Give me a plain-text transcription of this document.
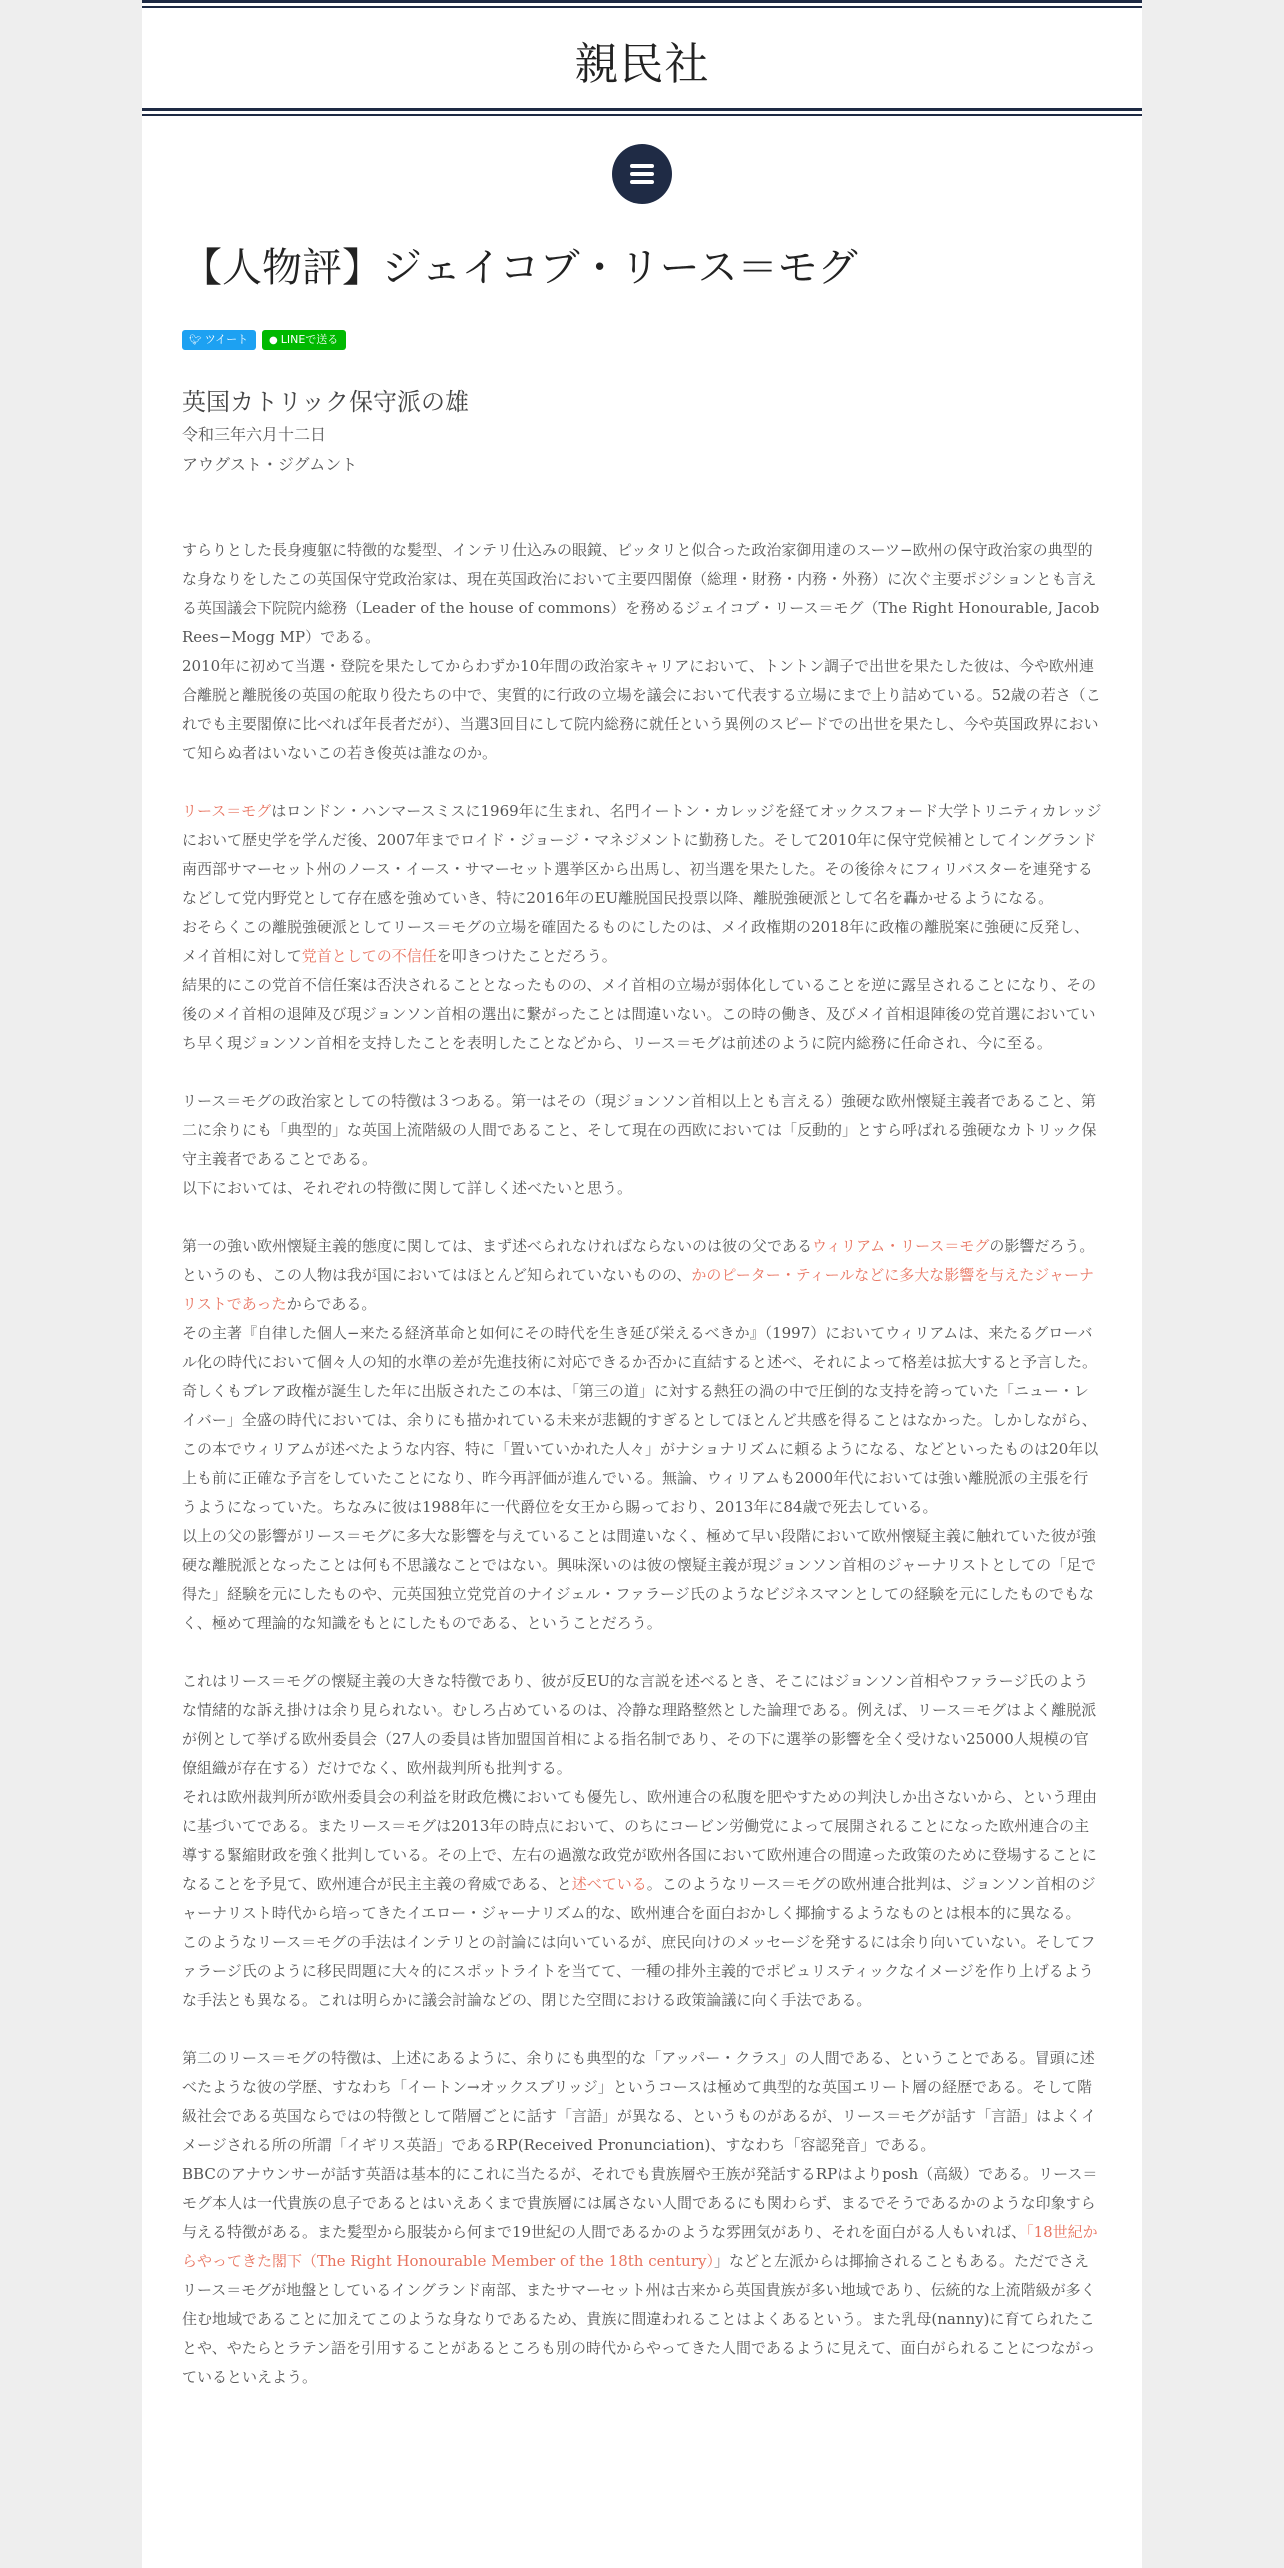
親民社
【人物評】ジェイコブ・リース＝モグ
🐦︎ ツイート	● LINEで送る
英国カトリック保守派の雄
令和三年六月十二日
アウグスト・ジグムント

すらりとした長身痩躯に特徴的な髪型、インテリ仕込みの眼鏡、ピッタリと似合った政治家御用達のスーツ−欧州の保守政治家の典型的な身なりをしたこの英国保守党政治家は、現在英国政治において主要四閣僚（総理・財務・内務・外務）に次ぐ主要ポジションとも言える英国議会下院院内総務（Leader of the house of commons）を務めるジェイコブ・リース＝モグ（The Right Honourable, Jacob Rees−Mogg MP）である。

2010年に初めて当選・登院を果たしてからわずか10年間の政治家キャリアにおいて、トントン調子で出世を果たした彼は、今や欧州連合離脱と離脱後の英国の舵取り役たちの中で、実質的に行政の立場を議会において代表する立場にまで上り詰めている。52歳の若さ（これでも主要閣僚に比べれば年長者だが）、当選3回目にして院内総務に就任という異例のスピードでの出世を果たし、今や英国政界において知らぬ者はいないこの若き俊英は誰なのか。

リース＝モグはロンドン・ハンマースミスに1969年に生まれ、名門イートン・カレッジを経てオックスフォード大学トリニティカレッジにおいて歴史学を学んだ後、2007年までロイド・ジョージ・マネジメントに勤務した。そして2010年に保守党候補としてイングランド南西部サマーセット州のノース・イース・サマーセット選挙区から出馬し、初当選を果たした。その後徐々にフィリバスターを連発するなどして党内野党として存在感を強めていき、特に2016年のEU離脱国民投票以降、離脱強硬派として名を轟かせるようになる。

おそらくこの離脱強硬派としてリース＝モグの立場を確固たるものにしたのは、メイ政権期の2018年に政権の離脱案に強硬に反発し、メイ首相に対して党首としての不信任を叩きつけたことだろう。

結果的にこの党首不信任案は否決されることとなったものの、メイ首相の立場が弱体化していることを逆に露呈されることになり、その後のメイ首相の退陣及び現ジョンソン首相の選出に繋がったことは間違いない。この時の働き、及びメイ首相退陣後の党首選においていち早く現ジョンソン首相を支持したことを表明したことなどから、リース＝モグは前述のように院内総務に任命され、今に至る。

リース＝モグの政治家としての特徴は３つある。第一はその（現ジョンソン首相以上とも言える）強硬な欧州懐疑主義者であること、第二に余りにも「典型的」な英国上流階級の人間であること、そして現在の西欧においては「反動的」とすら呼ばれる強硬なカトリック保守主義者であることである。

以下においては、それぞれの特徴に関して詳しく述べたいと思う。

第一の強い欧州懐疑主義的態度に関しては、まず述べられなければならないのは彼の父であるウィリアム・リース＝モグの影響だろう。というのも、この人物は我が国においてはほとんど知られていないものの、かのピーター・ティールなどに多大な影響を与えたジャーナリストであったからである。

その主著『自律した個人−来たる経済革命と如何にその時代を生き延び栄えるべきか』（1997）においてウィリアムは、来たるグローバル化の時代において個々人の知的水準の差が先進技術に対応できるか否かに直結すると述べ、それによって格差は拡大すると予言した。奇しくもブレア政権が誕生した年に出版されたこの本は、「第三の道」に対する熱狂の渦の中で圧倒的な支持を誇っていた「ニュー・レイバー」全盛の時代においては、余りにも描かれている未来が悲観的すぎるとしてほとんど共感を得ることはなかった。しかしながら、この本でウィリアムが述べたような内容、特に「置いていかれた人々」がナショナリズムに頼るようになる、などといったものは20年以上も前に正確な予言をしていたことになり、昨今再評価が進んでいる。無論、ウィリアムも2000年代においては強い離脱派の主張を行うようになっていた。ちなみに彼は1988年に一代爵位を女王から賜っており、2013年に84歳で死去している。

以上の父の影響がリース＝モグに多大な影響を与えていることは間違いなく、極めて早い段階において欧州懐疑主義に触れていた彼が強硬な離脱派となったことは何も不思議なことではない。興味深いのは彼の懐疑主義が現ジョンソン首相のジャーナリストとしての「足で得た」経験を元にしたものや、元英国独立党党首のナイジェル・ファラージ氏のようなビジネスマンとしての経験を元にしたものでもなく、極めて理論的な知識をもとにしたものである、ということだろう。

これはリース＝モグの懐疑主義の大きな特徴であり、彼が反EU的な言説を述べるとき、そこにはジョンソン首相やファラージ氏のような情緒的な訴え掛けは余り見られない。むしろ占めているのは、冷静な理路整然とした論理である。例えば、リース＝モグはよく離脱派が例として挙げる欧州委員会（27人の委員は皆加盟国首相による指名制であり、その下に選挙の影響を全く受けない25000人規模の官僚組織が存在する）だけでなく、欧州裁判所も批判する。

それは欧州裁判所が欧州委員会の利益を財政危機においても優先し、欧州連合の私腹を肥やすための判決しか出さないから、という理由に基づいてである。またリース＝モグは2013年の時点において、のちにコービン労働党によって展開されることになった欧州連合の主導する緊縮財政を強く批判している。その上で、左右の過激な政党が欧州各国において欧州連合の間違った政策のために登場することになることを予見て、欧州連合が民主主義の脅威である、と述べている。このようなリース＝モグの欧州連合批判は、ジョンソン首相のジャーナリスト時代から培ってきたイエロー・ジャーナリズム的な、欧州連合を面白おかしく揶揄するようなものとは根本的に異なる。

このようなリース＝モグの手法はインテリとの討論には向いているが、庶民向けのメッセージを発するには余り向いていない。そしてファラージ氏のように移民問題に大々的にスポットライトを当てて、一種の排外主義的でポピュリスティックなイメージを作り上げるような手法とも異なる。これは明らかに議会討論などの、閉じた空間における政策論議に向く手法である。

第二のリース＝モグの特徴は、上述にあるように、余りにも典型的な「アッパー・クラス」の人間である、ということである。冒頭に述べたような彼の学歴、すなわち「イートン→オックスブリッジ」というコースは極めて典型的な英国エリート層の経歴である。そして階級社会である英国ならではの特徴として階層ごとに話す「言語」が異なる、というものがあるが、リース＝モグが話す「言語」はよくイメージされる所の所謂「イギリス英語」であるRP(Received Pronunciation)、すなわち「容認発音」である。

BBCのアナウンサーが話す英語は基本的にこれに当たるが、それでも貴族層や王族が発話するRPはよりposh（高級）である。リース＝モグ本人は一代貴族の息子であるとはいえあくまで貴族層には属さない人間であるにも関わらず、まるでそうであるかのような印象すら与える特徴がある。また髪型から服装から何まで19世紀の人間であるかのような雰囲気があり、それを面白がる人もいれば、「18世紀からやってきた閣下（The Right Honourable Member of the 18th century）」などと左派からは揶揄されることもある。ただでさえリース＝モグが地盤としているイングランド南部、またサマーセット州は古来から英国貴族が多い地域であり、伝統的な上流階級が多く住む地域であることに加えてこのような身なりであるため、貴族に間違われることはよくあるという。また乳母(nanny)に育てられたことや、やたらとラテン語を引用することがあるところも別の時代からやってきた人間であるように見えて、面白がられることにつながっているといえよう。
